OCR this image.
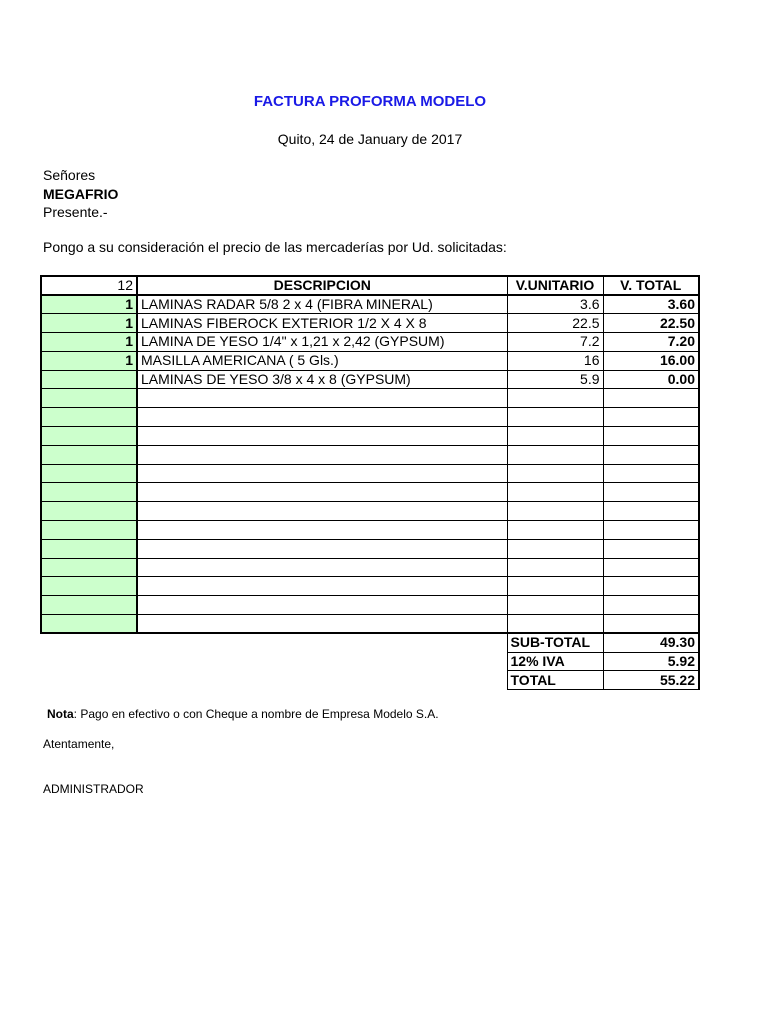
FACTURA PROFORMA MODELO
Quito, 24 de January de 2017
Señores
MEGAFRIO
Presente.-
Pongo a su consideración el precio de las mercaderías por Ud. solicitadas:
12	DESCRIPCION	V.UNITARIO	V. TOTAL
1	LAMINAS RADAR 5/8 2 x 4 (FIBRA MINERAL)	3.6	3.60
1	LAMINAS FIBEROCK EXTERIOR 1/2 X 4 X 8	22.5	22.50
1	LAMINA DE YESO 1/4" x 1,21 x 2,42 (GYPSUM)	7.2	7.20
1	MASILLA AMERICANA ( 5 Gls.)	16	16.00
	LAMINAS DE YESO 3/8 x 4 x 8 (GYPSUM)	5.9	0.00

		SUB-TOTAL	49.30
		12% IVA	5.92
		TOTAL	55.22
Nota: Pago en efectivo o con Cheque a nombre de Empresa Modelo S.A.
Atentamente,
ADMINISTRADOR
